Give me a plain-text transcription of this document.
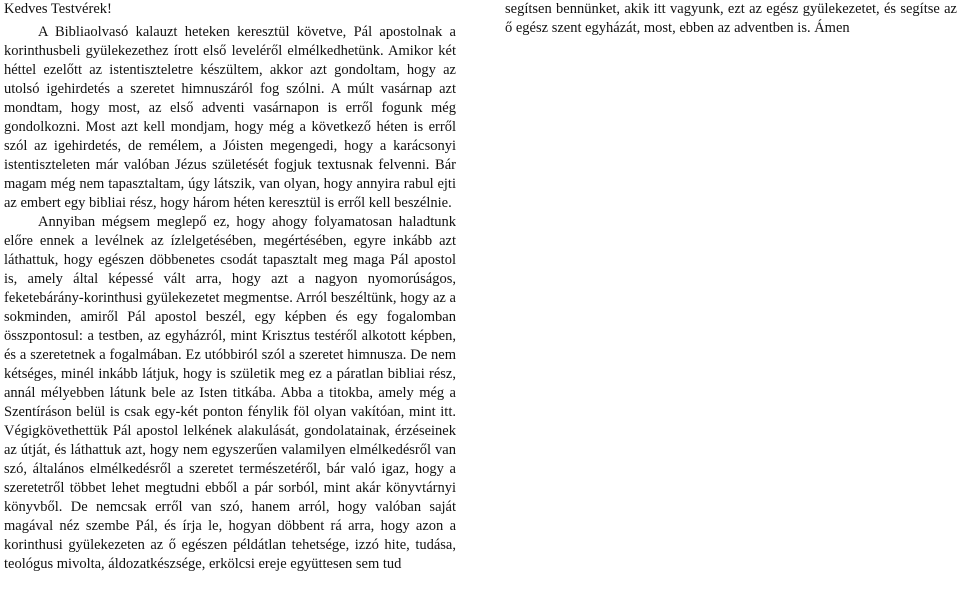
Kedves Testvérek!

A Bibliaolvasó kalauzt heteken keresztül követve, Pál apostolnak a korinthusbeli gyülekezethez írott első leveléről elmélkedhetünk. Amikor két héttel ezelőtt az istentiszteletre készültem, akkor azt gondoltam, hogy az utolsó igehirdetés a szeretet himnuszáról fog szólni. A múlt vasárnap azt mondtam, hogy most, az első adventi vasárnapon is erről fogunk még gondolkozni. Most azt kell mondjam, hogy még a következő héten is erről szól az igehirdetés, de remélem, a Jóisten megengedi, hogy a karácsonyi istentiszteleten már valóban Jézus születését fogjuk textusnak felvenni. Bár magam még nem tapasztaltam, úgy látszik, van olyan, hogy annyira rabul ejti az embert egy bibliai rész, hogy három héten keresztül is erről kell beszélnie.

Annyiban mégsem meglepő ez, hogy ahogy folyamatosan haladtunk előre ennek a levélnek az ízlelgetésében, megértésében, egyre inkább azt láthattuk, hogy egészen döbbenetes csodát tapasztalt meg maga Pál apostol is, amely által képessé vált arra, hogy azt a nagyon nyomorúságos, feketebárány-korinthusi gyülekezetet megmentse. Arról beszéltünk, hogy az a sokminden, amiről Pál apostol beszél, egy képben és egy fogalomban összpontosul: a testben, az egyházról, mint Krisztus testéről alkotott képben, és a szeretetnek a fogalmában. Ez utóbbiról szól a szeretet himnusza. De nem kétséges, minél inkább látjuk, hogy is születik meg ez a páratlan bibliai rész, annál mélyebben látunk bele az Isten titkába. Abba a titokba, amely még a Szentíráson belül is csak egy-két ponton fénylik föl olyan vakítóan, mint itt. Végigkövethettük Pál apostol lelkének alakulását, gondolatainak, érzéseinek az útját, és láthattuk azt, hogy nem egyszerűen valamilyen elmélkedésről van szó, általános elmélkedésről a szeretet természetéről, bár való igaz, hogy a szeretetről többet lehet megtudni ebből a pár sorból, mint akár könyvtárnyi könyvből. De nemcsak erről van szó, hanem arról, hogy valóban saját magával néz szembe Pál, és írja le, hogyan döbbent rá arra, hogy azon a korinthusi gyülekezeten az ő egészen példátlan tehetsége, izzó hite, tudása, teológus mivolta, áldozatkészsége, erkölcsi ereje együttesen sem tud

segítsen bennünket, akik itt vagyunk, ezt az egész gyülekezetet, és segítse az ő egész szent egyházát, most, ebben az adventben is. Ámen
